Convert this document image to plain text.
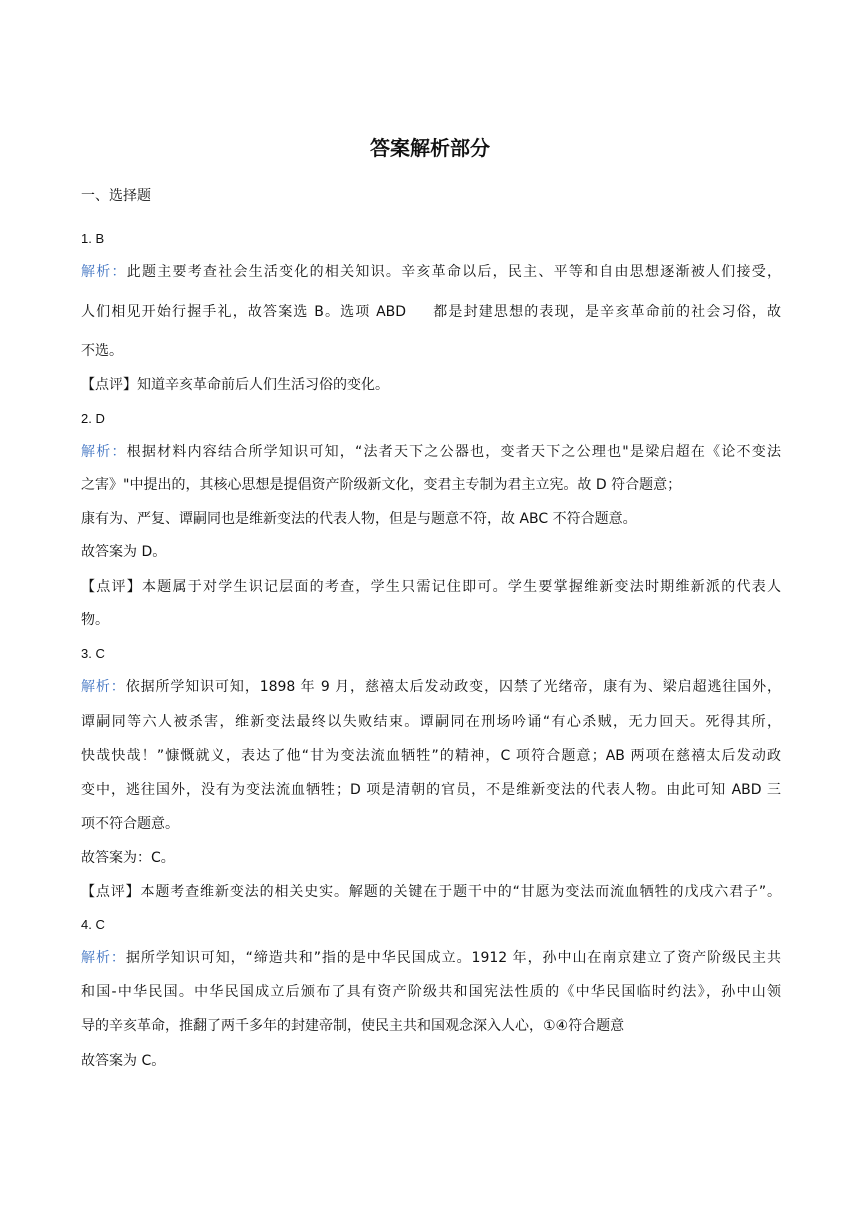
答案解析部分
一、选择题
1. B
解析：此题主要考查社会生活变化的相关知识。辛亥革命以后，民主、平等和自由思想逐渐被人们接受，
人们相见开始行握手礼，故答案选 B。选项 ABD 都是封建思想的表现，是辛亥革命前的社会习俗，故
不选。
【点评】知道辛亥革命前后人们生活习俗的变化。
2. D
解析：根据材料内容结合所学知识可知，“法者天下之公器也，变者天下之公理也"是梁启超在《论不变法
之害》"中提出的，其核心思想是提倡资产阶级新文化，变君主专制为君主立宪。故 D 符合题意；
康有为、严复、谭嗣同也是维新变法的代表人物，但是与题意不符，故 ABC 不符合题意。
故答案为 D。
【点评】本题属于对学生识记层面的考查，学生只需记住即可。学生要掌握维新变法时期维新派的代表人
物。
3. C
解析：依据所学知识可知，1898 年 9 月，慈禧太后发动政变，囚禁了光绪帝，康有为、梁启超逃往国外，
谭嗣同等六人被杀害，维新变法最终以失败结束。谭嗣同在刑场吟诵“有心杀贼，无力回天。死得其所，
快哉快哉！”慷慨就义，表达了他“甘为变法流血牺牲”的精神，C 项符合题意；AB 两项在慈禧太后发动政
变中，逃往国外，没有为变法流血牺牲；D 项是清朝的官员，不是维新变法的代表人物。由此可知 ABD 三
项不符合题意。
故答案为：C。
【点评】本题考查维新变法的相关史实。解题的关键在于题干中的“甘愿为变法而流血牺牲的戊戌六君子”。
4. C
解析：据所学知识可知，“缔造共和”指的是中华民国成立。1912 年，孙中山在南京建立了资产阶级民主共
和国-中华民国。中华民国成立后颁布了具有资产阶级共和国宪法性质的《中华民国临时约法》，孙中山领
导的辛亥革命，推翻了两千多年的封建帝制，使民主共和国观念深入人心，①④符合题意
故答案为 C。
